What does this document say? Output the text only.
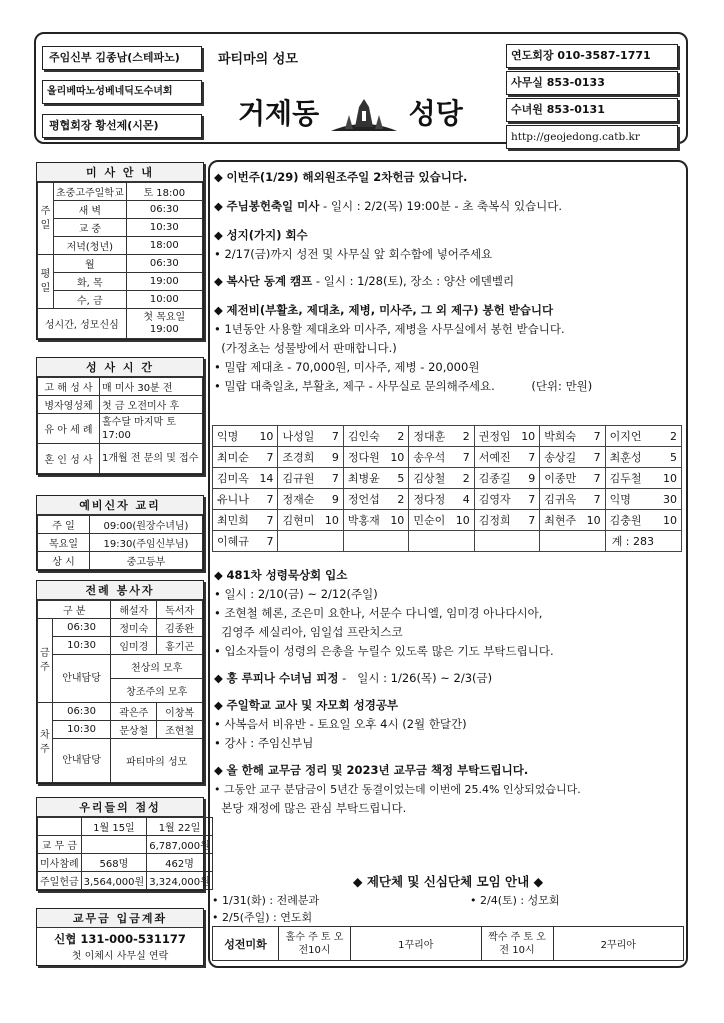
주임신부 김종남(스테파노)
올리베따노성베네딕도수녀회
평협회장 황선제(시몬)
파티마의 성모
거제동	성당
연도회장 010-3587-1771
사무실 853-0133
수녀원 853-0131
http://geojedong.catb.kr
미 사 안 내
주일	초중고주일학교	토 18:00
	새 벽	06:30
	교 중	10:30
	저녁(청년)	18:00
평일	월	06:30
	화, 목	19:00
	수, 금	10:00
성시간, 성모신심		첫 목요일 19:00
성 사 시 간
고 해 성 사	매 미사 30분 전
병자영성체	첫 금 오전미사 후
유 아 세 례	홀수달 마지막 토 17:00
혼 인 성 사	1개월 전 문의 및 접수
예비신자 교리
주 일	09:00(원장수녀님)
목요일	19:30(주임신부님)
상 시	중고등부
전례 봉사자
구 분		해설자	독서자
금주	06:30	정미숙	김종완
	10:30	임미경	홍기곤
	안내담당	천상의 모후	
		창조주의 모후	
차주	06:30	곽은주	이창복
	10:30	문상철	조현철
	안내담당	파티마의 성모	
우리들의 점성
	1월 15일	1월 22일
교 무 금		6,787,000원
미사참례	568명	462명
주일헌금	3,564,000원	3,324,000원
교무금 입금계좌
신협 131-000-531177
첫 이체시 사무실 연락

◆ 이번주(1/29) 해외원조주일 2차헌금 있습니다.

◆ 주님봉헌축일 미사 - 일시 : 2/2(목) 19:00분 - 초 축복식 있습니다.

◆ 성지(가지) 회수

• 2/17(금)까지 성전 및 사무실 앞 회수함에 넣어주세요

◆ 복사단 동계 캠프 - 일시 : 1/28(토), 장소 : 양산 에덴벨리

◆ 제전비(부활초, 제대초, 제병, 미사주, 그 외 제구) 봉헌 받습니다

• 1년동안 사용할 제대초와 미사주, 제병을 사무실에서 봉헌 받습니다.

(가정초는 성물방에서 판매합니다.)

• 밀랍 제대초 - 70,000원, 미사주, 제병 - 20,000원

• 밀랍 대축일초, 부활초, 제구 - 사무실로 문의해주세요.          (단위: 만원)

익명	10	나성일	7	김인숙	2	정대훈	2	권정임	10	박희숙	7	이지언	2
최미순	7	조경희	9	정다원	10	송우석	7	서예진	7	송상길	7	최훈성	5
김미옥	14	김규원	7	최병윤	5	김상철	2	김종길	9	이종만	7	김두철	10
유니나	7	정재순	9	정언섭	2	정다정	4	김영자	7	김귀옥	7	익명	30
최민희	7	김현미	10	박홍재	10	민순이	10	김정희	7	최현주	10	김충원	10
이혜규	7											계 : 283	

◆ 481차 성령묵상회 입소

• 일시 : 2/10(금) ~ 2/12(주일)

• 조현철 헤론, 조은미 요한나, 서문수 다니엘, 임미경 아나다시아,

김영주 세실리아, 임일섭 프란치스코

• 입소자들이 성령의 은총을 누릴수 있도록 많은 기도 부탁드립니다.

◆ 홍 루피나 수녀님 피정 -   일시 : 1/26(목) ~ 2/3(금)

◆ 주일학교 교사 및 자모회 성경공부

• 사복음서 비유반 - 토요일 오후 4시 (2월 한달간)

• 강사 : 주임신부님

◆ 올 한해 교무금 정리 및 2023년 교무금 책정 부탁드립니다.

• 그동안 교구 분담금이 5년간 동결이었는데 이번에 25.4% 인상되었습니다.

본당 재정에 많은 관심 부탁드립니다.

◆ 제단체 및 신심단체 모임 안내 ◆
• 1/31(화) : 전례분과	• 2/4(토) : 성모회
• 2/5(주일) : 연도회
성전미화	홀수 주 토 오전10시	1꾸리아	짝수 주 토 오전 10시	2꾸리아
